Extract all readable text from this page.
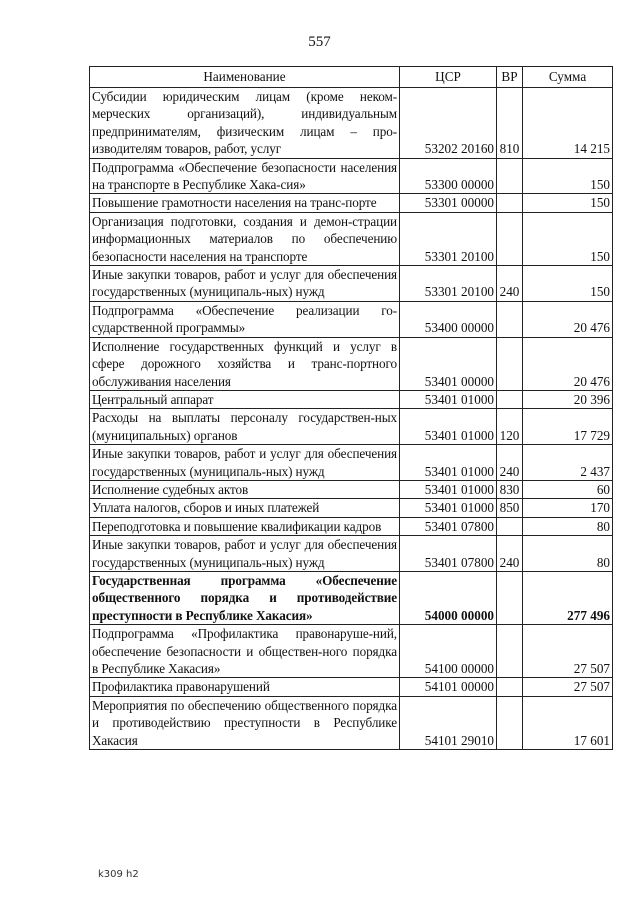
557
Наименование	ЦСР	ВР	Сумма
Субсидии юридическим лицам (кроме неком-мерческих организаций), индивидуальным предпринимателям, физическим лицам – про-изводителям товаров, работ, услуг	53202 20160	810	14 215
Подпрограмма «Обеспечение безопасности населения на транспорте в Республике Хака-сия»	53300 00000		150
Повышение грамотности населения на транс-порте	53301 00000		150
Организация подготовки, создания и демон-страции информационных материалов по обеспечению безопасности населения на транспорте	53301 20100		150
Иные закупки товаров, работ и услуг для обеспечения государственных (муниципаль-ных) нужд	53301 20100	240	150
Подпрограмма «Обеспечение реализации го-сударственной программы»	53400 00000		20 476
Исполнение государственных функций и услуг в сфере дорожного хозяйства и транс-портного обслуживания населения	53401 00000		20 476
Центральный аппарат	53401 01000		20 396
Расходы на выплаты персоналу государствен-ных (муниципальных) органов	53401 01000	120	17 729
Иные закупки товаров, работ и услуг для обеспечения государственных (муниципаль-ных) нужд	53401 01000	240	2 437
Исполнение судебных актов	53401 01000	830	60
Уплата налогов, сборов и иных платежей	53401 01000	850	170
Переподготовка и повышение квалификации кадров	53401 07800		80
Иные закупки товаров, работ и услуг для обеспечения государственных (муниципаль-ных) нужд	53401 07800	240	80
Государственная программа «Обеспечение общественного порядка и противодействие преступности в Республике Хакасия»	54000 00000		277 496
Подпрограмма «Профилактика правонаруше-ний, обеспечение безопасности и обществен-ного порядка в Республике Хакасия»	54100 00000		27 507
Профилактика правонарушений	54101 00000		27 507
Мероприятия по обеспечению общественного порядка и противодействию преступности в Республике Хакасия	54101 29010		17 601
k309 h2
